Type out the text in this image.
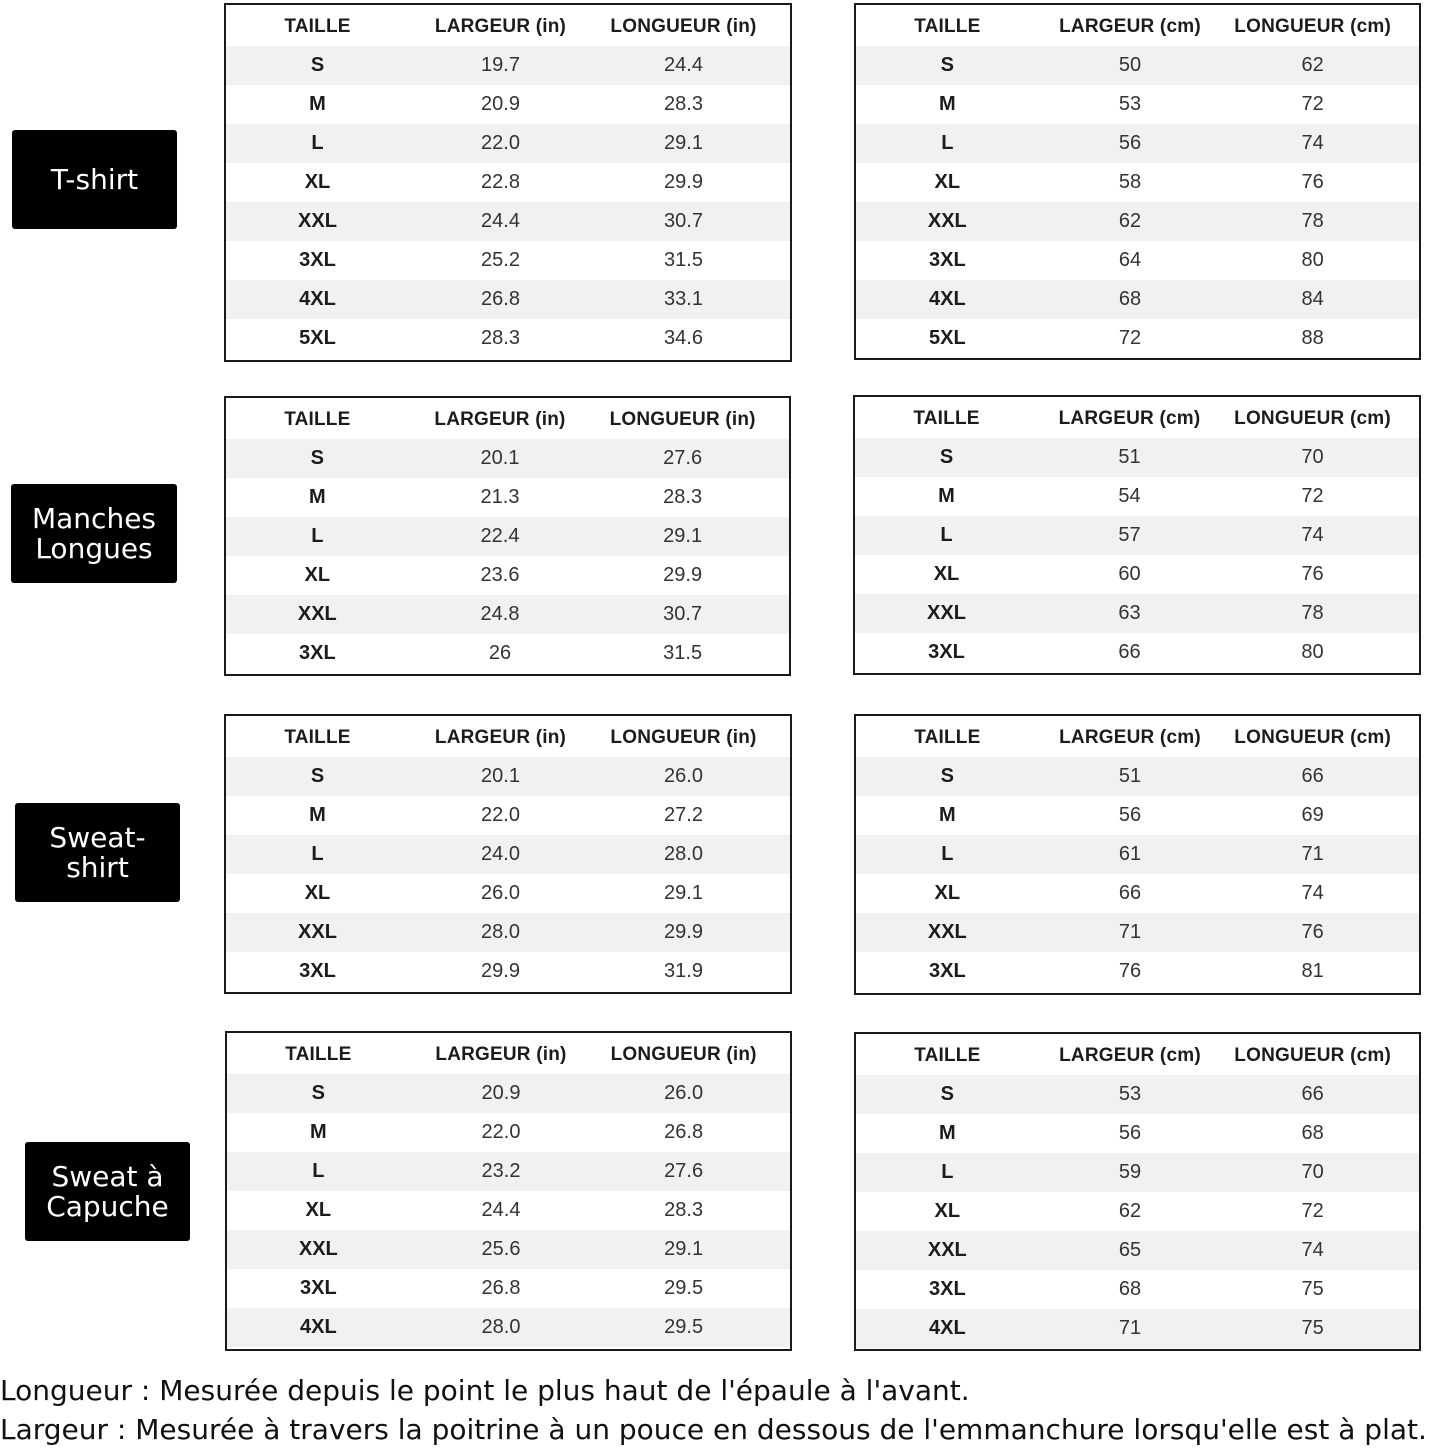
T-shirt
TAILLE	LARGEUR (in)	LONGUEUR (in)
S	19.7	24.4
M	20.9	28.3
L	22.0	29.1
XL	22.8	29.9
XXL	24.4	30.7
3XL	25.2	31.5
4XL	26.8	33.1
5XL	28.3	34.6
TAILLE	LARGEUR (cm)	LONGUEUR (cm)
S	50	62
M	53	72
L	56	74
XL	58	76
XXL	62	78
3XL	64	80
4XL	68	84
5XL	72	88
Manches
Longues
TAILLE	LARGEUR (in)	LONGUEUR (in)
S	20.1	27.6
M	21.3	28.3
L	22.4	29.1
XL	23.6	29.9
XXL	24.8	30.7
3XL	26	31.5
TAILLE	LARGEUR (cm)	LONGUEUR (cm)
S	51	70
M	54	72
L	57	74
XL	60	76
XXL	63	78
3XL	66	80
Sweat-
shirt
TAILLE	LARGEUR (in)	LONGUEUR (in)
S	20.1	26.0
M	22.0	27.2
L	24.0	28.0
XL	26.0	29.1
XXL	28.0	29.9
3XL	29.9	31.9
TAILLE	LARGEUR (cm)	LONGUEUR (cm)
S	51	66
M	56	69
L	61	71
XL	66	74
XXL	71	76
3XL	76	81
Sweat à
Capuche
TAILLE	LARGEUR (in)	LONGUEUR (in)
S	20.9	26.0
M	22.0	26.8
L	23.2	27.6
XL	24.4	28.3
XXL	25.6	29.1
3XL	26.8	29.5
4XL	28.0	29.5
TAILLE	LARGEUR (cm)	LONGUEUR (cm)
S	53	66
M	56	68
L	59	70
XL	62	72
XXL	65	74
3XL	68	75
4XL	71	75
Longueur : Mesurée depuis le point le plus haut de l'épaule à l'avant.
Largeur : Mesurée à travers la poitrine à un pouce en dessous de l'emmanchure lorsqu'elle est à plat.
